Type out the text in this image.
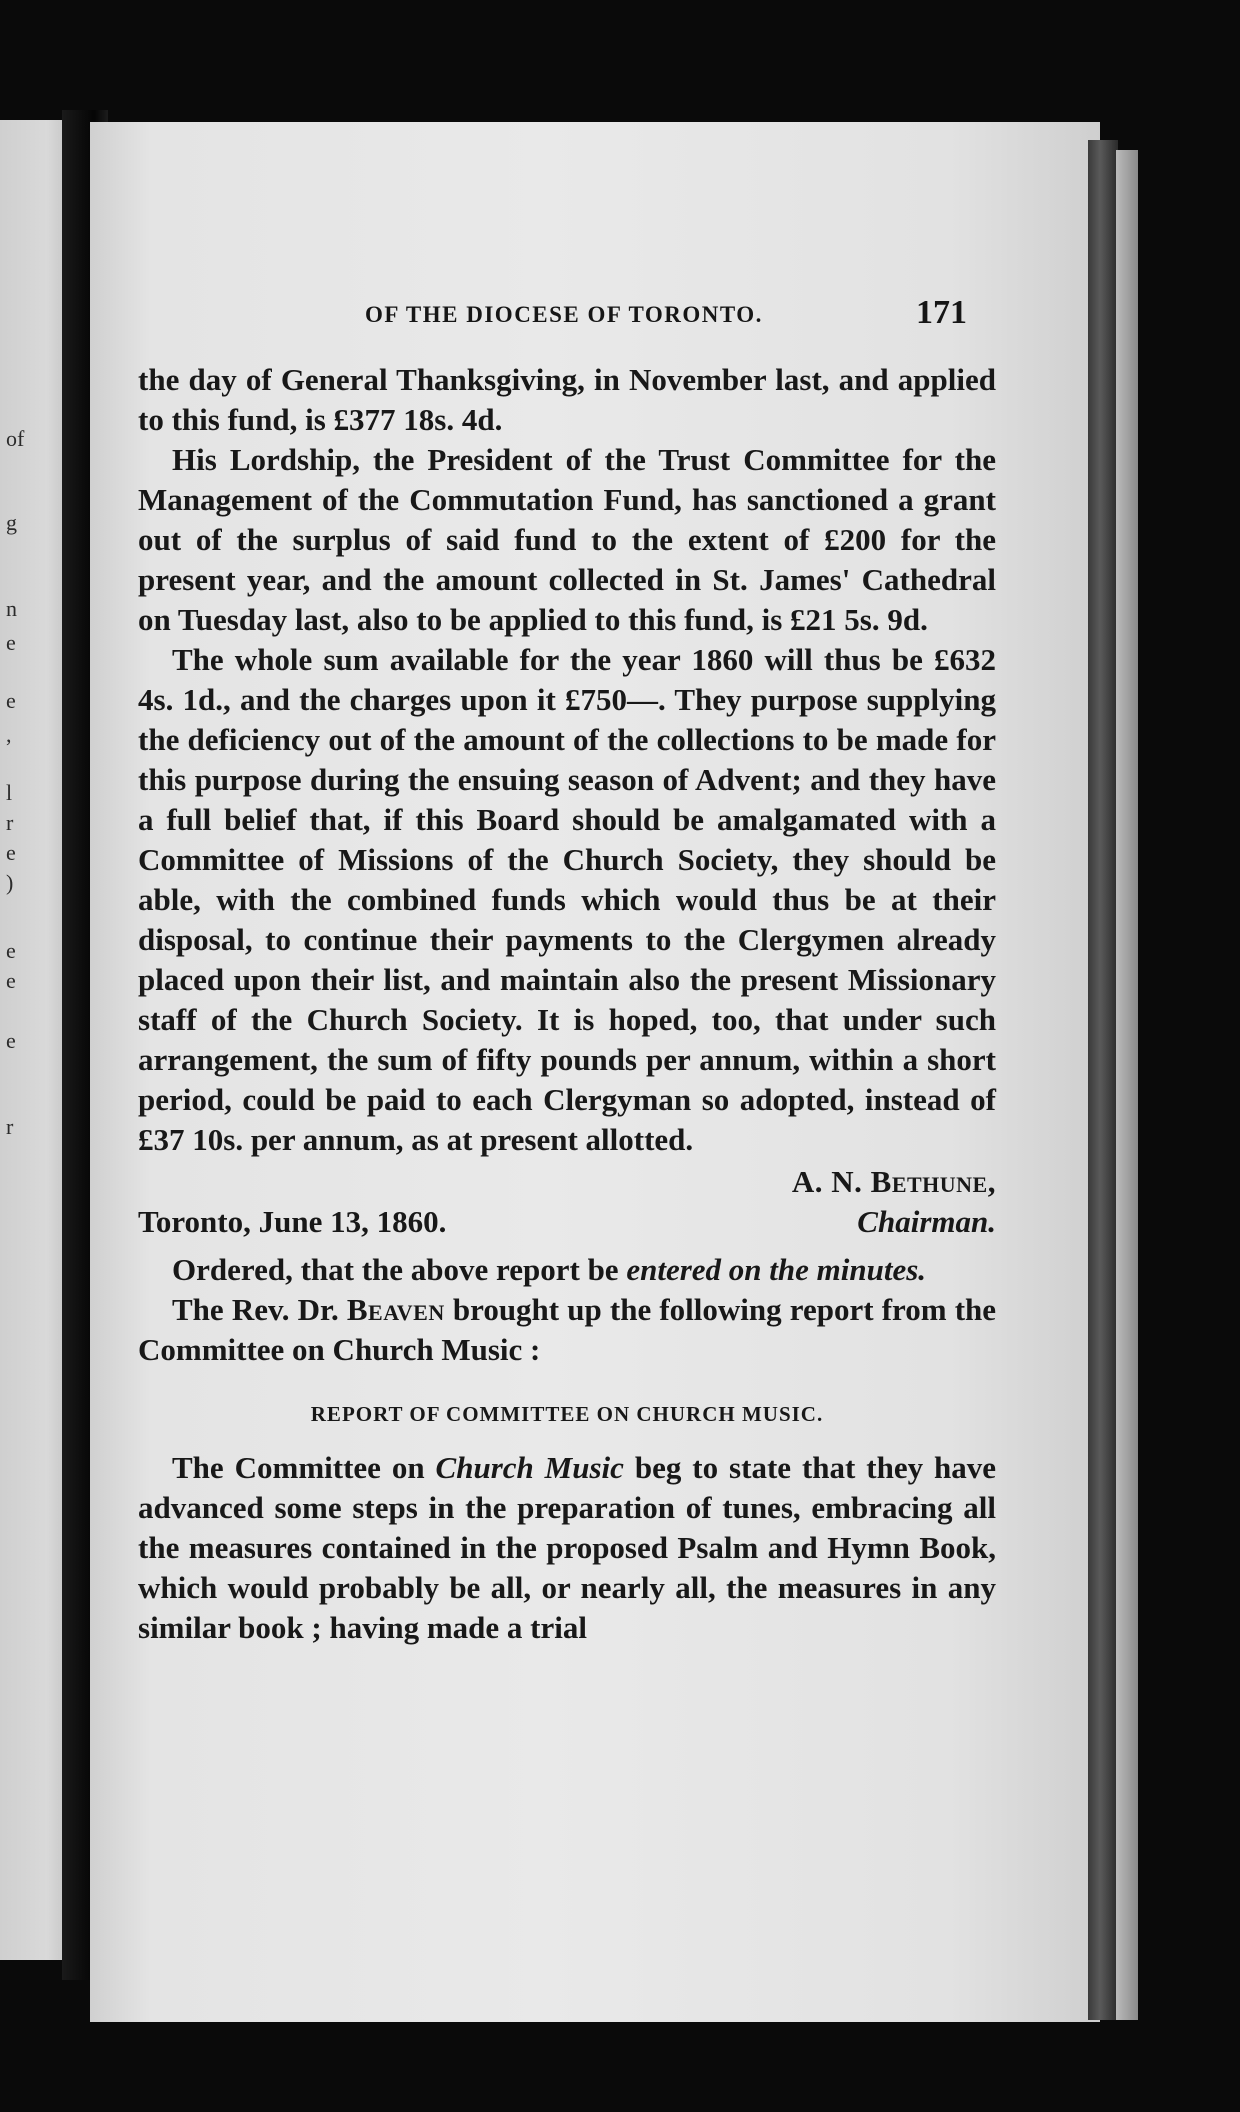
of
g
n
e
e
,
l
r
e
)
e
e
e
r
OF THE DIOCESE OF TORONTO.	171

the day of General Thanksgiving, in November last, and applied to this fund, is £377 18s. 4d.

His Lordship, the President of the Trust Committee for the Management of the Commutation Fund, has sanctioned a grant out of the surplus of said fund to the extent of £200 for the present year, and the amount collected in St. James' Cathedral on Tuesday last, also to be applied to this fund, is £21 5s. 9d.

The whole sum available for the year 1860 will thus be £632 4s. 1d., and the charges upon it £750—. They purpose supplying the deficiency out of the amount of the collections to be made for this purpose during the ensuing season of Advent; and they have a full belief that, if this Board should be amalgamated with a Committee of Missions of the Church Society, they should be able, with the combined funds which would thus be at their disposal, to continue their payments to the Clergymen already placed upon their list, and maintain also the present Missionary staff of the Church Society. It is hoped, too, that under such arrangement, the sum of fifty pounds per annum, within a short period, could be paid to each Clergyman so adopted, instead of £37 10s. per annum, as at present allotted.

A. N. Bethune,
Toronto, June 13, 1860.	Chairman.

Ordered, that the above report be entered on the minutes.

The Rev. Dr. Beaven brought up the following report from the Committee on Church Music :

REPORT OF COMMITTEE ON CHURCH MUSIC.

The Committee on Church Music beg to state that they have advanced some steps in the preparation of tunes, embracing all the measures contained in the proposed Psalm and Hymn Book, which would probably be all, or nearly all, the measures in any similar book ; having made a trial
